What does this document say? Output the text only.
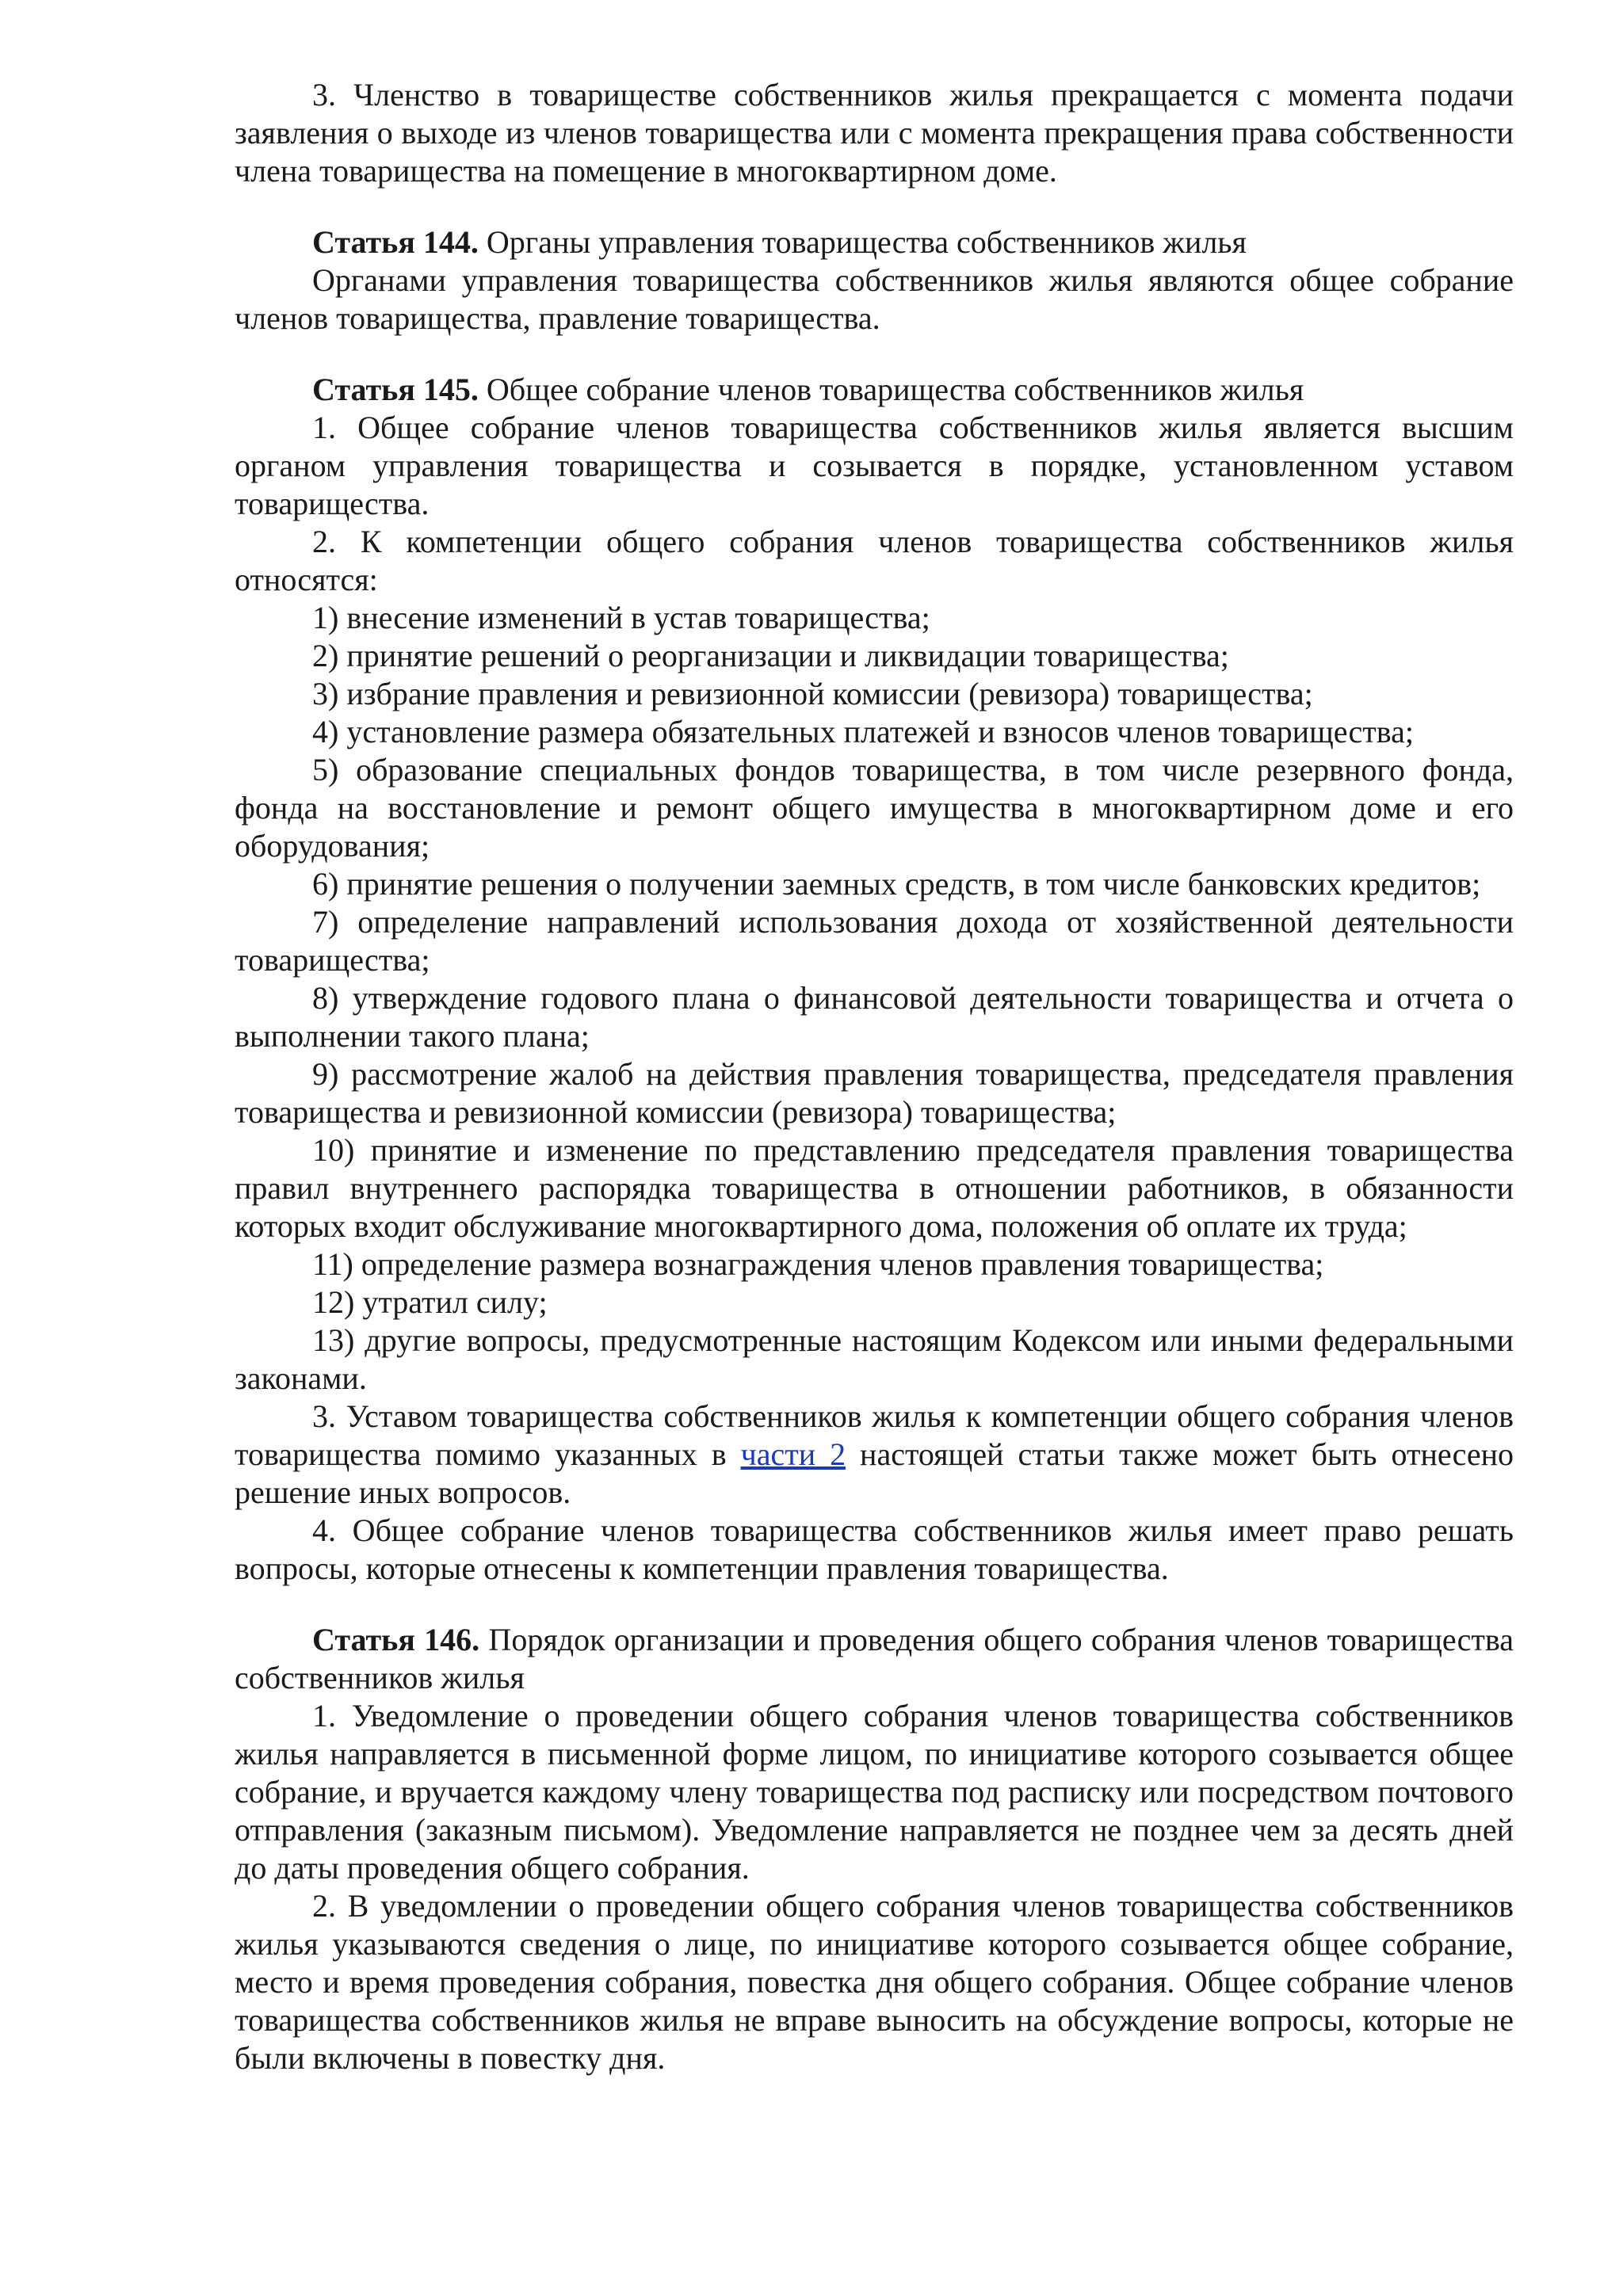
3. Членство в товариществе собственников жилья прекращается с момента подачи заявления о выходе из членов товарищества или с момента прекращения права собственности члена товарищества на помещение в многоквартирном доме.

Статья 144. Органы управления товарищества собственников жилья

Органами управления товарищества собственников жилья являются общее собрание членов товарищества, правление товарищества.

Статья 145. Общее собрание членов товарищества собственников жилья

1. Общее собрание членов товарищества собственников жилья является высшим органом управления товарищества и созывается в порядке, установленном уставом товарищества.

2. К компетенции общего собрания членов товарищества собственников жилья относятся:

1) внесение изменений в устав товарищества;

2) принятие решений о реорганизации и ликвидации товарищества;

3) избрание правления и ревизионной комиссии (ревизора) товарищества;

4) установление размера обязательных платежей и взносов членов товарищества;

5) образование специальных фондов товарищества, в том числе резервного фонда, фонда на восстановление и ремонт общего имущества в многоквартирном доме и его оборудования;

6) принятие решения о получении заемных средств, в том числе банковских кредитов;

7) определение направлений использования дохода от хозяйственной деятельности товарищества;

8) утверждение годового плана о финансовой деятельности товарищества и отчета о выполнении такого плана;

9) рассмотрение жалоб на действия правления товарищества, председателя правления товарищества и ревизионной комиссии (ревизора) товарищества;

10) принятие и изменение по представлению председателя правления товарищества правил внутреннего распорядка товарищества в отношении работников, в обязанности которых входит обслуживание многоквартирного дома, положения об оплате их труда;

11) определение размера вознаграждения членов правления товарищества;

12) утратил силу;

13) другие вопросы, предусмотренные настоящим Кодексом или иными федеральными законами.

3. Уставом товарищества собственников жилья к компетенции общего собрания членов товарищества помимо указанных в части 2 настоящей статьи также может быть отнесено решение иных вопросов.

4. Общее собрание членов товарищества собственников жилья имеет право решать вопросы, которые отнесены к компетенции правления товарищества.

Статья 146. Порядок организации и проведения общего собрания членов товарищества собственников жилья

1. Уведомление о проведении общего собрания членов товарищества собственников жилья направляется в письменной форме лицом, по инициативе которого созывается общее собрание, и вручается каждому члену товарищества под расписку или посредством почтового отправления (заказным письмом). Уведомление направляется не позднее чем за десять дней до даты проведения общего собрания.

2. В уведомлении о проведении общего собрания членов товарищества собственников жилья указываются сведения о лице, по инициативе которого созывается общее собрание, место и время проведения собрания, повестка дня общего собрания. Общее собрание членов товарищества собственников жилья не вправе выносить на обсуждение вопросы, которые не были включены в повестку дня.
